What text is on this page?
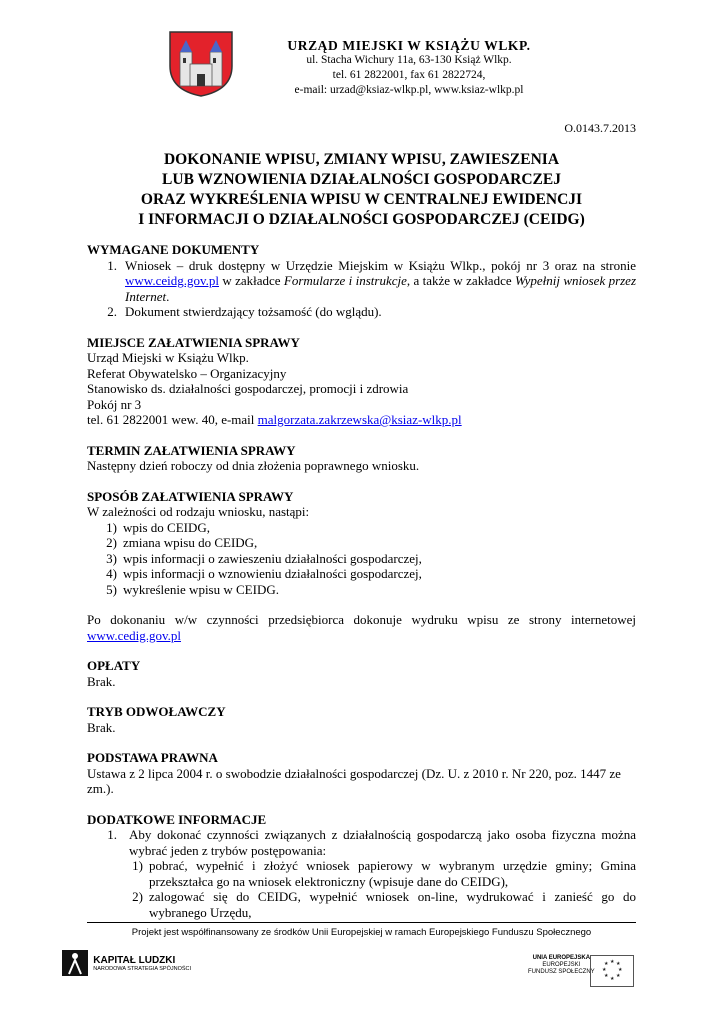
URZĄD MIEJSKI W KSIĄŻU WLKP.
ul. Stacha Wichury 11a, 63-130 Książ Wlkp.
tel. 61 2822001, fax 61 2822724,
e-mail: urzad@ksiaz-wlkp.pl, www.ksiaz-wlkp.pl
O.0143.7.2013
DOKONANIE WPISU, ZMIANY WPISU, ZAWIESZENIA
LUB WZNOWIENIA DZIAŁALNOŚCI GOSPODARCZEJ
ORAZ WYKREŚLENIA WPISU W CENTRALNEJ EWIDENCJI
I INFORMACJI O DZIAŁALNOŚCI GOSPODARCZEJ (CEIDG)
WYMAGANE DOKUMENTY
1. Wniosek – druk dostępny w Urzędzie Miejskim w Książu Wlkp., pokój nr 3 oraz na stronie www.ceidg.gov.pl w zakładce Formularze i instrukcje, a także w zakładce Wypełnij wniosek przez Internet.
2. Dokument stwierdzający tożsamość (do wglądu).
MIEJSCE ZAŁATWIENIA SPRAWY
Urząd Miejski w Książu Wlkp.
Referat Obywatelsko – Organizacyjny
Stanowisko ds. działalności gospodarczej, promocji i zdrowia
Pokój nr 3
tel. 61 2822001 wew. 40, e-mail malgorzata.zakrzewska@ksiaz-wlkp.pl
TERMIN ZAŁATWIENIA SPRAWY
Następny dzień roboczy od dnia złożenia poprawnego wniosku.
SPOSÓB ZAŁATWIENIA SPRAWY
W zależności od rodzaju wniosku, nastąpi:
1) wpis do CEIDG,
2) zmiana wpisu do CEIDG,
3) wpis informacji o zawieszeniu działalności gospodarczej,
4) wpis informacji o wznowieniu działalności gospodarczej,
5) wykreślenie wpisu w CEIDG.
Po dokonaniu w/w czynności przedsiębiorca dokonuje wydruku wpisu ze strony internetowej
www.cedig.gov.pl
OPŁATY
Brak.
TRYB ODWOŁAWCZY
Brak.
PODSTAWA PRAWNA
Ustawa z 2 lipca 2004 r. o swobodzie działalności gospodarczej (Dz. U. z 2010 r. Nr 220, poz. 1447 ze zm.).
DODATKOWE INFORMACJE
1. Aby dokonać czynności związanych z działalnością gospodarczą jako osoba fizyczna można wybrać jeden z trybów postępowania:
1) pobrać, wypełnić i złożyć wniosek papierowy w wybranym urzędzie gminy; Gmina przekształca go na wniosek elektroniczny (wpisuje dane do CEIDG),
2) zalogować się do CEIDG, wypełnić wniosek on-line, wydrukować i zanieść go do wybranego Urzędu,
Projekt jest współfinansowany ze środków Unii Europejskiej w ramach Europejskiego Funduszu Społecznego

KAPITAŁ LUDZKI
NARODOWA STRATEGIA SPÓJNOŚCI
UNIA EUROPEJSKA
EUROPEJSKI
FUNDUSZ SPOŁECZNY
★ ★
★
★
★
★
★
★
